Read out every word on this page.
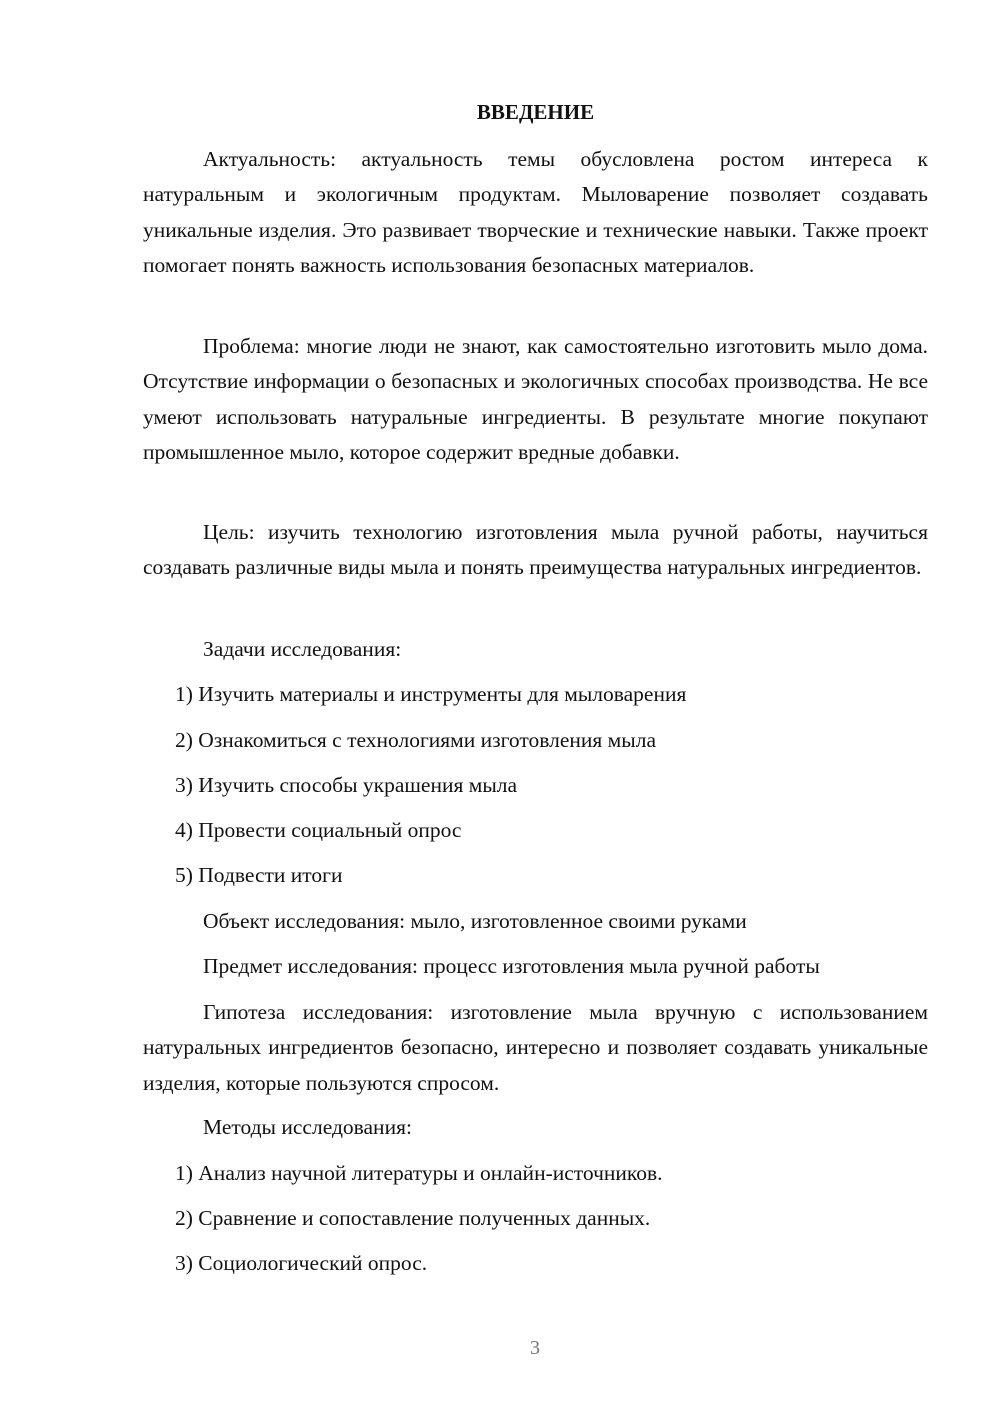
ВВЕДЕНИЕ

Актуальность: актуальность темы обусловлена ростом интереса к натуральным и экологичным продуктам. Мыловарение позволяет создавать уникальные изделия. Это развивает творческие и технические навыки. Также проект помогает понять важность использования безопасных материалов.

Проблема: многие люди не знают, как самостоятельно изготовить мыло дома. Отсутствие информации о безопасных и экологичных способах производства. Не все умеют использовать натуральные ингредиенты. В результате многие покупают промышленное мыло, которое содержит вредные добавки.

Цель: изучить технологию изготовления мыла ручной работы, научиться создавать различные виды мыла и понять преимущества натуральных ингредиентов.

Задачи исследования:
1) Изучить материалы и инструменты для мыловарения
2) Ознакомиться с технологиями изготовления мыла
3) Изучить способы украшения мыла
4) Провести социальный опрос
5) Подвести итоги
Объект исследования: мыло, изготовленное своими руками
Предмет исследования: процесс изготовления мыла ручной работы

Гипотеза исследования: изготовление мыла вручную с использованием натуральных ингредиентов безопасно, интересно и позволяет создавать уникальные изделия, которые пользуются спросом.

Методы исследования:
1) Анализ научной литературы и онлайн-источников.
2) Сравнение и сопоставление полученных данных.
3) Социологический опрос.
3
